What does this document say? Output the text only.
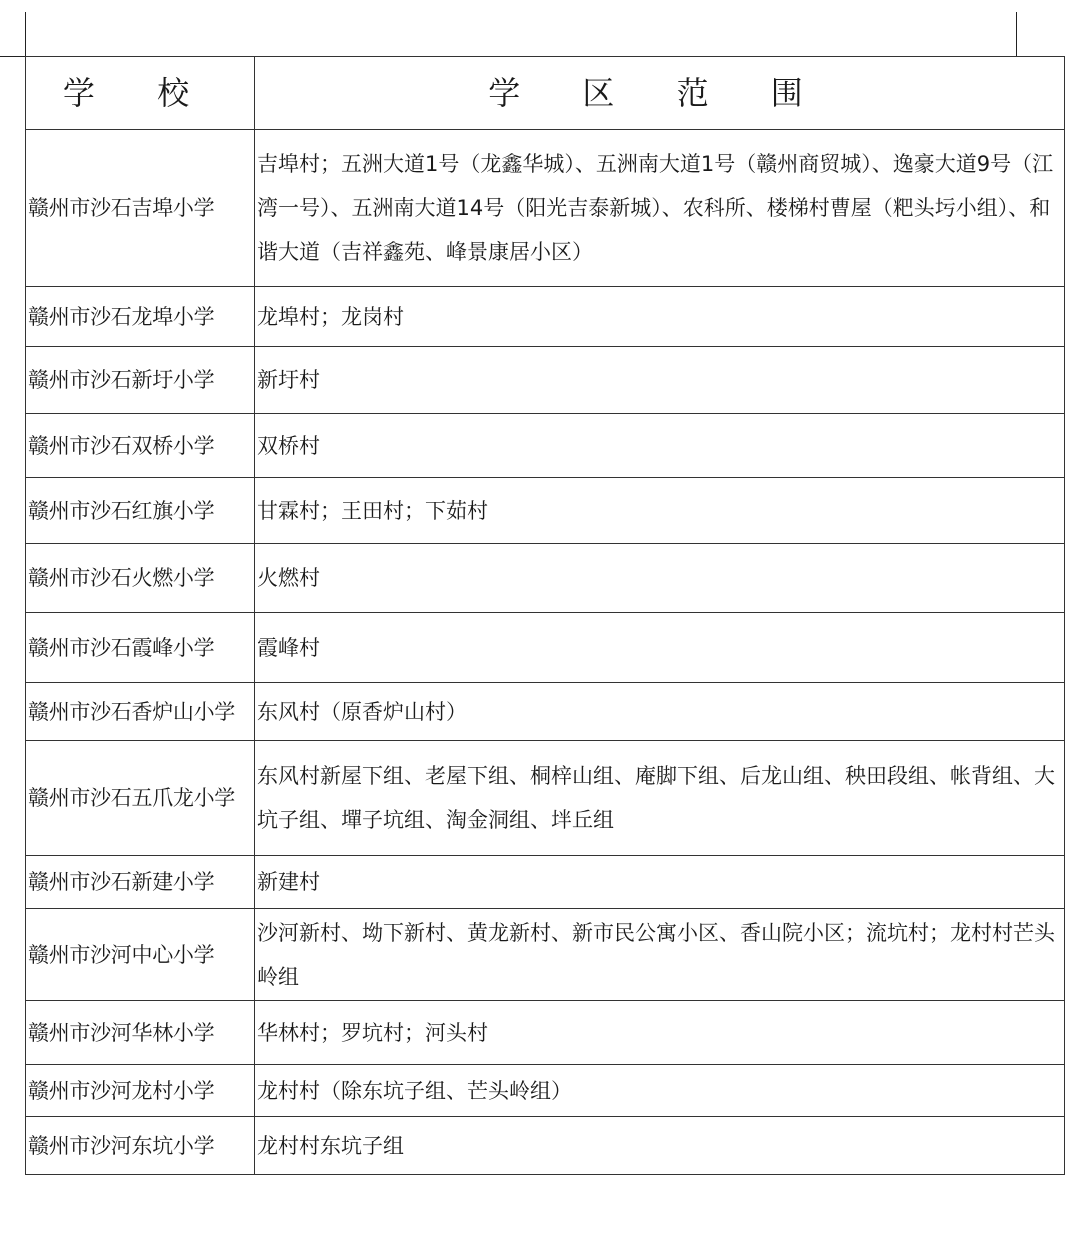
学 校	学 区 范 围
赣州市沙石吉埠小学	吉埠村；五洲大道1号（龙鑫华城）、五洲南大道1号（赣州商贸城）、逸豪大道9号（江湾一号）、五洲南大道14号（阳光吉泰新城）、农科所、楼梯村曹屋（粑头圬小组）、和谐大道（吉祥鑫苑、峰景康居小区）
赣州市沙石龙埠小学	龙埠村；龙岗村
赣州市沙石新圩小学	新圩村
赣州市沙石双桥小学	双桥村
赣州市沙石红旗小学	甘霖村；王田村；下茹村
赣州市沙石火燃小学	火燃村
赣州市沙石霞峰小学	霞峰村
赣州市沙石香炉山小学	东风村（原香炉山村）
赣州市沙石五爪龙小学	东风村新屋下组、老屋下组、桐梓山组、庵脚下组、后龙山组、秧田段组、帐背组、大坑子组、墠子坑组、淘金洞组、坢丘组
赣州市沙石新建小学	新建村
赣州市沙河中心小学	沙河新村、坳下新村、黄龙新村、新市民公寓小区、香山院小区；流坑村；龙村村芒头岭组
赣州市沙河华林小学	华林村；罗坑村；河头村
赣州市沙河龙村小学	龙村村（除东坑子组、芒头岭组）
赣州市沙河东坑小学	龙村村东坑子组
